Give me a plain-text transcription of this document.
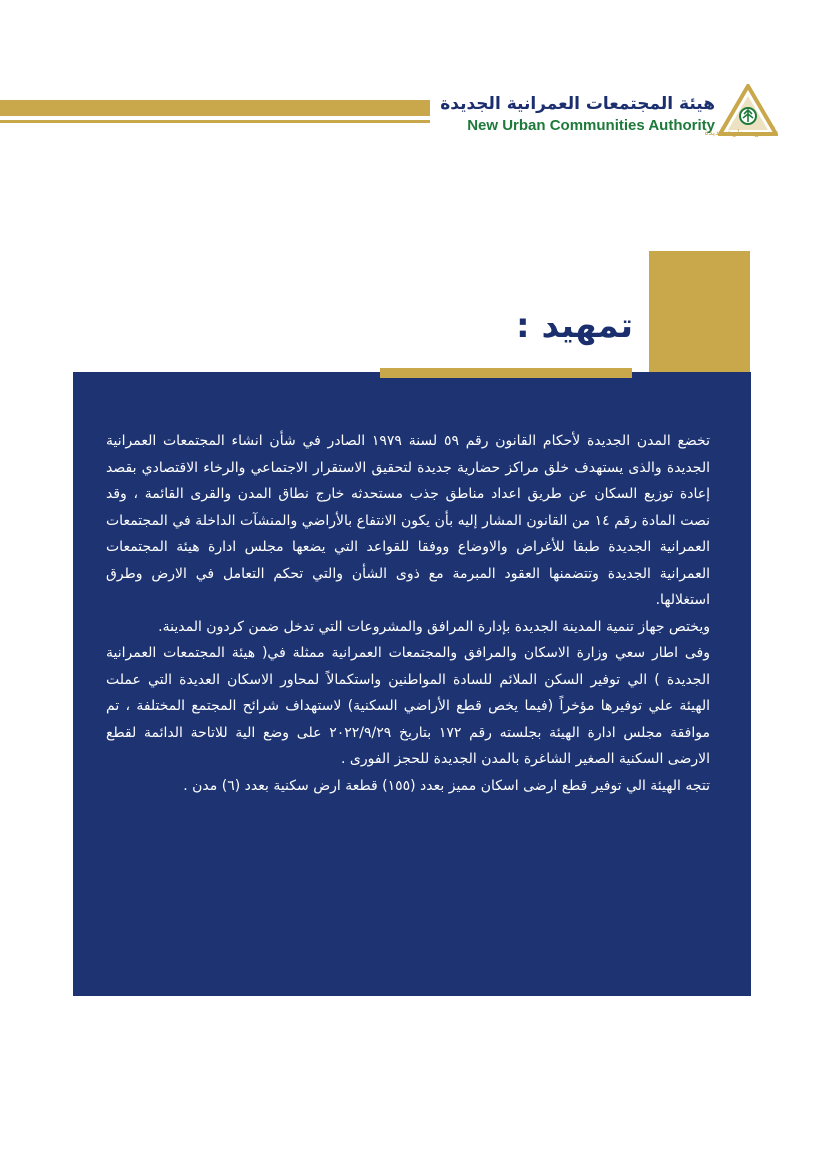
هيئة المجتمعات العمرانية الجديدة
New Urban Communities Authority
تأسيس حضارية جديدة
تمهيد :

تخضع المدن الجديدة لأحكام القانون رقم ٥٩ لسنة ١٩٧٩ الصادر في شأن انشاء المجتمعات العمرانية الجديدة والذى يستهدف خلق مراكز حضارية جديدة لتحقيق الاستقرار الاجتماعي والرخاء الاقتصادي بقصد إعادة توزيع السكان عن طريق اعداد مناطق جذب مستحدثه خارج نطاق المدن والقرى القائمة ، وقد نصت المادة رقم ١٤ من القانون المشار إليه بأن يكون الانتفاع بالأراضي والمنشآت الداخلة في المجتمعات العمرانية الجديدة طبقا للأغراض والاوضاع ووفقا للقواعد التي يضعها مجلس ادارة هيئة المجتمعات العمرانية الجديدة وتتضمنها العقود المبرمة مع ذوى الشأن والتي تحكم التعامل في الارض وطرق استغلالها.

ويختص جهاز تنمية المدينة الجديدة بإدارة المرافق والمشروعات التي تدخل ضمن كردون المدينة.

وفى اطار سعي وزارة الاسكان والمرافق والمجتمعات العمرانية ممثلة في( هيئة المجتمعات العمرانية الجديدة ) الي توفير السكن الملائم للسادة المواطنين واستكمالاً لمحاور الاسكان العديدة التي عملت الهيئة علي توفيرها مؤخراً (فيما يخص قطع الأراضي السكنية) لاستهداف شرائح المجتمع المختلفة ، تم موافقة مجلس ادارة الهيئة بجلسته رقم ١٧٢ بتاريخ ٢٠٢٢/٩/٢٩ على وضع الية للاتاحة الدائمة لقطع الارضى السكنية الصغير الشاغرة بالمدن الجديدة للحجز الفورى .

تتجه الهيئة الي توفير قطع ارضى اسكان مميز بعدد (١٥٥) قطعة ارض سكنية بعدد (٦) مدن .
